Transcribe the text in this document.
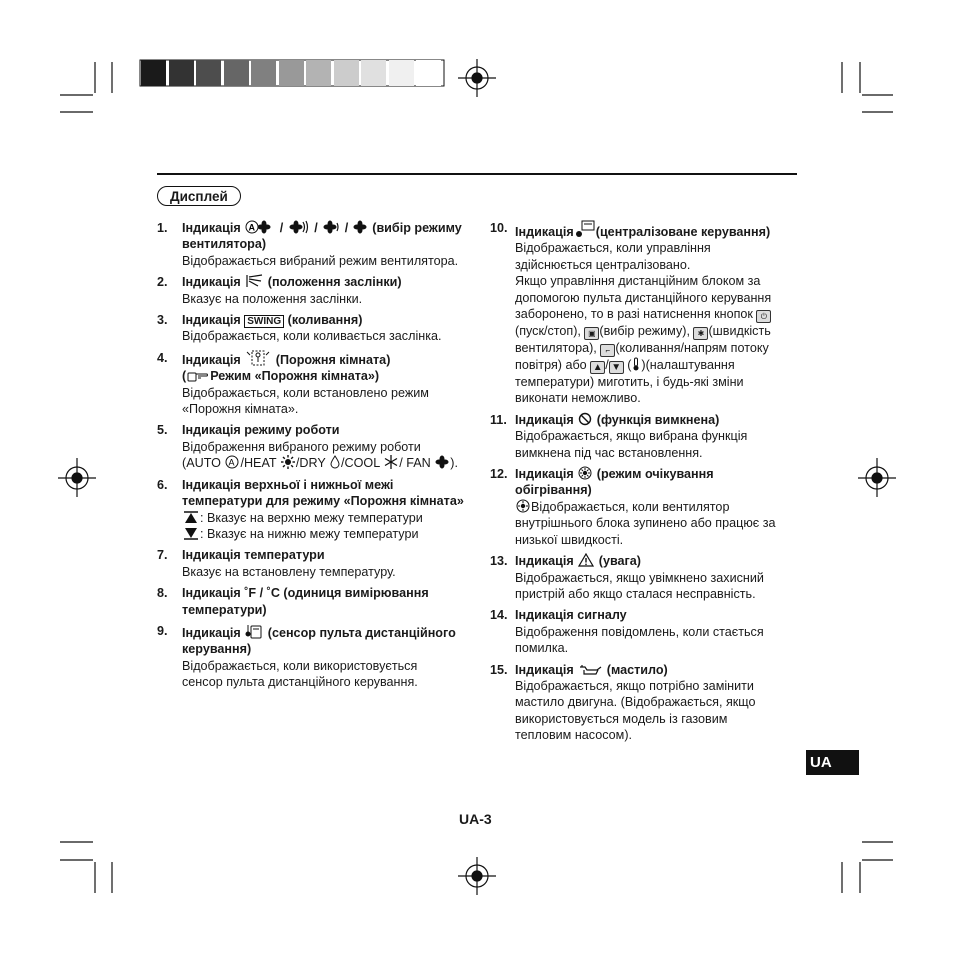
Дисплей
1. Індикація A / / / (вибір режиму
вентилятора)
Відображається вибраний режим вентилятора.
2. Індикація (положення заслінки)
Вказує на положення заслінки.
3. Індикація SWING (коливання)
Відображається, коли коливається заслінка.
4. Індикація	(Порожня кімната)
( Режим «Порожня кімната»)
Відображається, коли встановлено режим
«Порожня кімната».
5. Індикація режиму роботи
Відображення вибраного режиму роботи
(AUTO A /HEAT /DRY /COOL / FAN ).
6. Індикація верхньої і нижньої межі
температури для режиму «Порожня кімната»
: Вказує на верхню межу температури
: Вказує на нижню межу температури
7. Індикація температури
Вказує на встановлену температуру.
8. Індикація ˚F / ˚C (одиниця вимірювання
температури)
9. Індикація (сенсор пульта дистанційного
керування)
Відображається, коли використовується
сенсор пульта дистанційного керування.
10. Індикація (централізоване керування)
Відображається, коли управління
здійснюється централізовано.
Якщо управління дистанційним блоком за
допомогою пульта дистанційного керування
заборонено, то в разі натиснення кнопок ⏻
(пуск/стоп), ▣ (вибір режиму), ✱ (швидкість
вентилятора), ⌐ (коливання/напрям потоку
повітря) або ▲ / ▼ ( )(налаштування
температури) миготить, і будь-які зміни
виконати неможливо.
11. Індикація (функція вимкнена)
Відображається, якщо вибрана функція
вимкнена під час встановлення.
12. Індикація (режим очікування
обігрівання)
Відображається, коли вентилятор
внутрішнього блока зупинено або працює за
низької швидкості.
13. Індикація (увага)
Відображається, якщо увімкнено захисний
пристрій або якщо сталася несправність.
14. Індикація сигналу
Відображення повідомлень, коли стається
помилка.
15. Індикація	(мастило)
Відображається, якщо потрібно замінити
мастило двигуна. (Відображається, якщо
використовується модель із газовим
тепловим насосом).
UA
UA-3
